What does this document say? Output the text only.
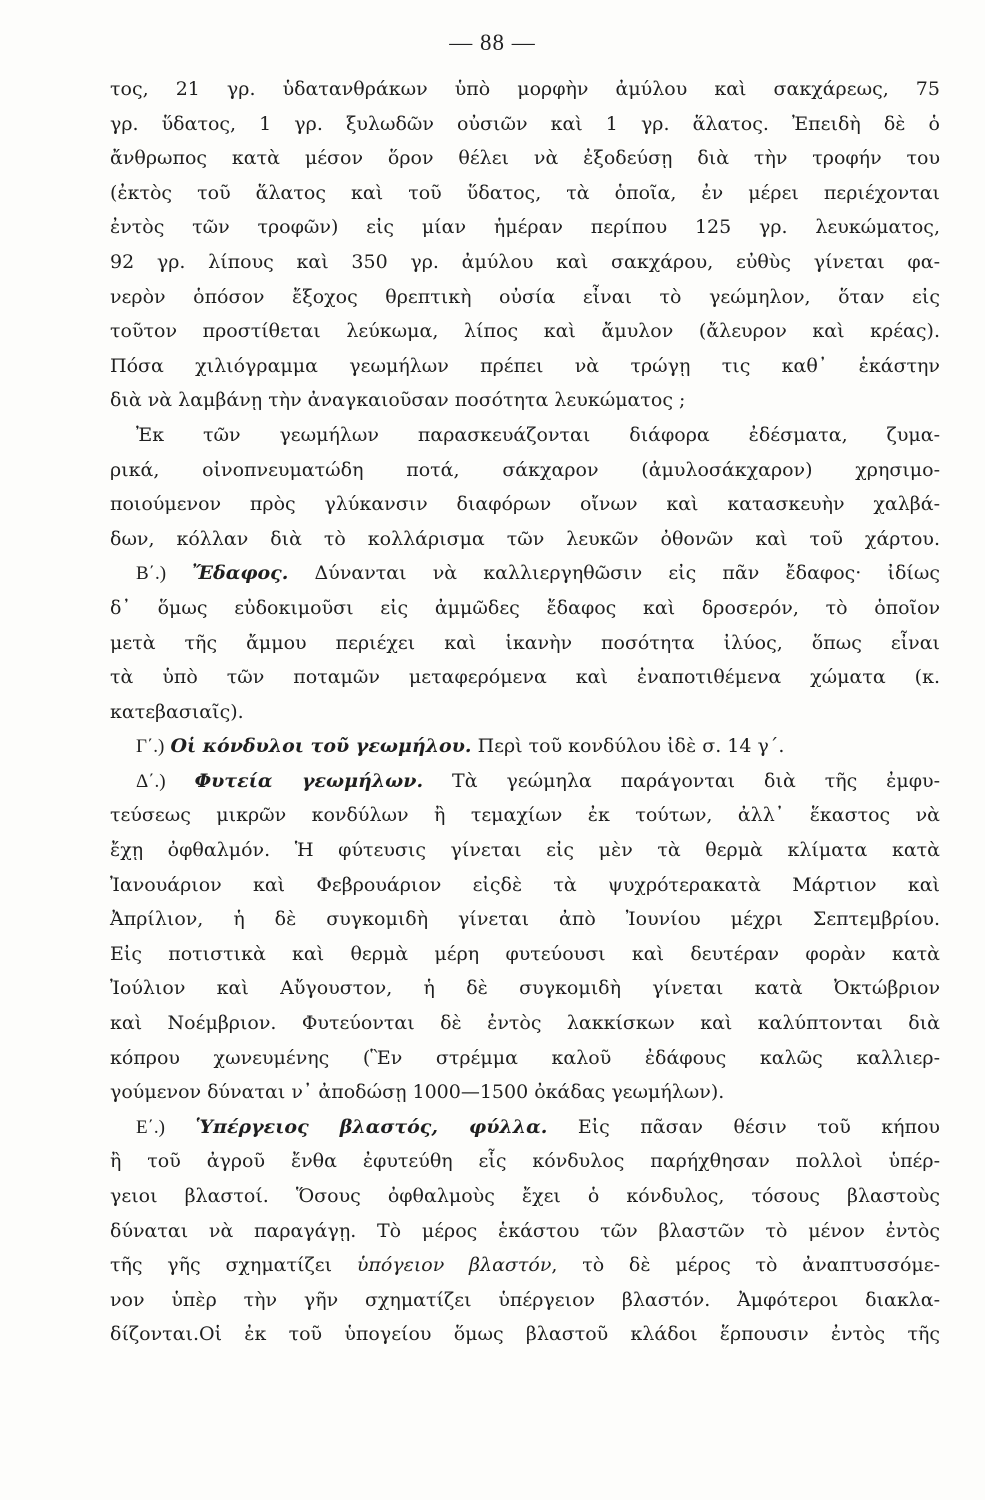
— 88 —
τος, 21 γρ. ὑδατανθράκων ὑπὸ μορφὴν ἀμύλου καὶ σακχάρεως, 75
γρ. ὕδατος, 1 γρ. ξυλωδῶν οὐσιῶν καὶ 1 γρ. ἅλατος. Ἐπειδὴ δὲ ὁ
ἄνθρωπος κατὰ μέσον ὅρον θέλει νὰ ἐξοδεύσῃ διὰ τὴν τροφήν του
(ἐκτὸς τοῦ ἅλατος καὶ τοῦ ὕδατος, τὰ ὁποῖα, ἐν μέρει περιέχονται
ἐντὸς τῶν τροφῶν) εἰς μίαν ἡμέραν περίπου 125 γρ. λευκώματος,
92 γρ. λίπους καὶ 350 γρ. ἀμύλου καὶ σακχάρου, εὐθὺς γίνεται φα-
νερὸν ὁπόσον ἔξοχος θρεπτικὴ οὐσία εἶναι τὸ γεώμηλον, ὅταν εἰς
τοῦτον προστίθεται λεύκωμα, λίπος καὶ ἄμυλον (ἄλευρον καὶ κρέας).
Πόσα χιλιόγραμμα γεωμήλων πρέπει νὰ τρώγῃ τις καθ᾽ ἑκάστην
διὰ νὰ λαμβάνῃ τὴν ἀναγκαιοῦσαν ποσότητα λευκώματος ;
Ἐκ τῶν γεωμήλων παρασκευάζονται διάφορα ἐδέσματα, ζυμα-
ρικά, οἰνοπνευματώδη ποτά, σάκχαρον (ἀμυλοσάκχαρον) χρησιμο-
ποιούμενον πρὸς γλύκανσιν διαφόρων οἴνων καὶ κατασκευὴν χαλβά-
δων, κόλλαν διὰ τὸ κολλάρισμα τῶν λευκῶν ὀθονῶν καὶ τοῦ χάρτου.
Β΄.) Ἔδαφος. Δύνανται νὰ καλλιεργηθῶσιν εἰς πᾶν ἔδαφος· ἰδίως
δ᾽ ὅμως εὐδοκιμοῦσι εἰς ἀμμῶδες ἔδαφος καὶ δροσερόν, τὸ ὁποῖον
μετὰ τῆς ἄμμου περιέχει καὶ ἱκανὴν ποσότητα ἰλύος, ὅπως εἶναι
τὰ ὑπὸ τῶν ποταμῶν μεταφερόμενα καὶ ἐναποτιθέμενα χώματα (κ.
κατεβασιαῖς).
Γ΄.) Οἱ κόνδυλοι τοῦ γεωμήλου. Περὶ τοῦ κονδύλου ἰδὲ σ. 14 γ΄.
Δ΄.) Φυτεία γεωμήλων. Τὰ γεώμηλα παράγονται διὰ τῆς ἐμφυ-
τεύσεως μικρῶν κονδύλων ἢ τεμαχίων ἐκ τούτων, ἀλλ᾽ ἕκαστος νὰ
ἔχῃ ὀφθαλμόν. Ἡ φύτευσις γίνεται εἰς μὲν τὰ θερμὰ κλίματα κατὰ
Ἰανουάριον καὶ Φεβρουάριον εἰςδὲ τὰ ψυχρότερακατὰ Μάρτιον καὶ
Ἀπρίλιον, ἡ δὲ συγκομιδὴ γίνεται ἀπὸ Ἰουνίου μέχρι Σεπτεμβρίου.
Εἰς ποτιστικὰ καὶ θερμὰ μέρη φυτεύουσι καὶ δευτέραν φορὰν κατὰ
Ἰούλιον καὶ Αὔγουστον, ἡ δὲ συγκομιδὴ γίνεται κατὰ Ὀκτώβριον
καὶ Νοέμβριον. Φυτεύονται δὲ ἐντὸς λακκίσκων καὶ καλύπτονται διὰ
κόπρου χωνευμένης (Ἓν στρέμμα καλοῦ ἐδάφους καλῶς καλλιερ-
γούμενον δύναται ν᾽ ἀποδώσῃ 1000—1500 ὀκάδας γεωμήλων).
Ε΄.) Ὑπέργειος βλαστός, φύλλα. Εἰς πᾶσαν θέσιν τοῦ κήπου
ἢ τοῦ ἀγροῦ ἔνθα ἐφυτεύθη εἷς κόνδυλος παρήχθησαν πολλοὶ ὑπέρ-
γειοι βλαστοί. Ὅσους ὀφθαλμοὺς ἔχει ὁ κόνδυλος, τόσους βλαστοὺς
δύναται νὰ παραγάγῃ. Τὸ μέρος ἑκάστου τῶν βλαστῶν τὸ μένον ἐντὸς
τῆς γῆς σχηματίζει ὑπόγειον βλαστόν, τὸ δὲ μέρος τὸ ἀναπτυσσόμε-
νον ὑπὲρ τὴν γῆν σχηματίζει ὑπέργειον βλαστόν. Ἀμφότεροι διακλα-
δίζονται.Οἱ ἐκ τοῦ ὑπογείου ὅμως βλαστοῦ κλάδοι ἕρπουσιν ἐντὸς τῆς
